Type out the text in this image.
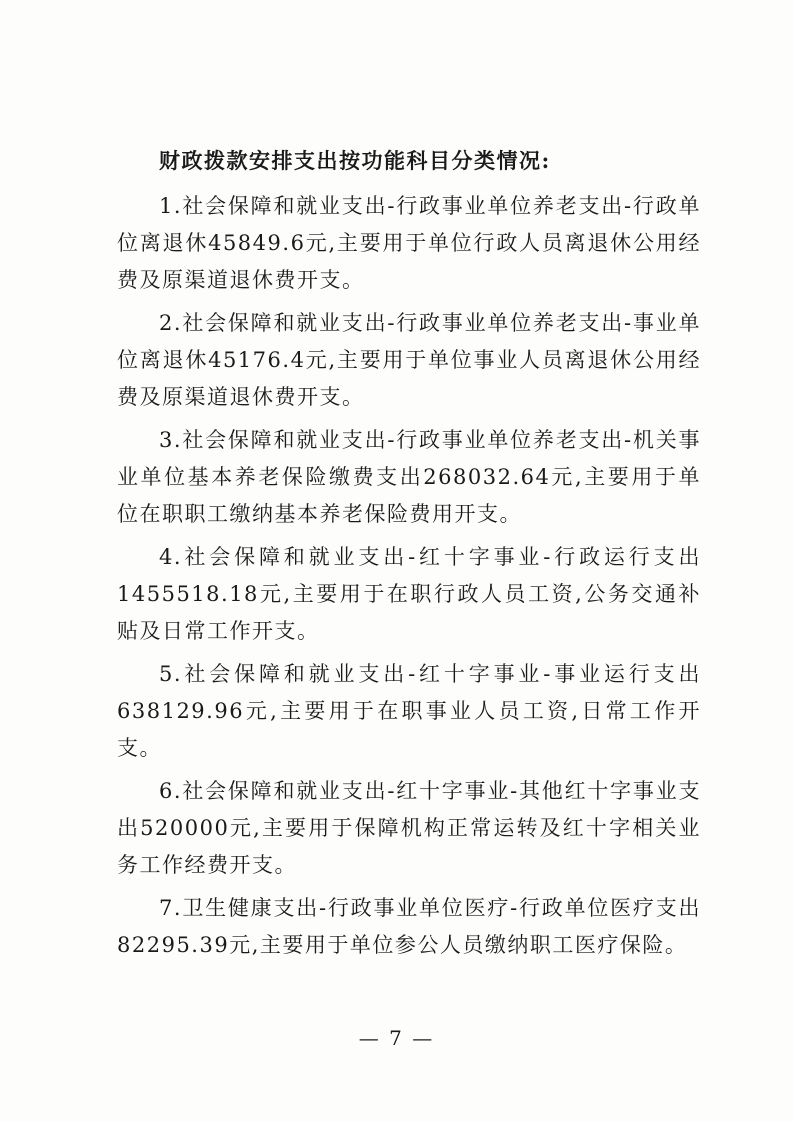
财政拨款安排支出按功能科目分类情况:

1.社会保障和就业支出-行政事业单位养老支出-行政单位离退休45849.6元,主要用于单位行政人员离退休公用经费及原渠道退休费开支。

2.社会保障和就业支出-行政事业单位养老支出-事业单位离退休45176.4元,主要用于单位事业人员离退休公用经费及原渠道退休费开支。

3.社会保障和就业支出-行政事业单位养老支出-机关事业单位基本养老保险缴费支出268032.64元,主要用于单位在职职工缴纳基本养老保险费用开支。

4.社会保障和就业支出-红十字事业-行政运行支出1455518.18元,主要用于在职行政人员工资,公务交通补贴及日常工作开支。

5.社会保障和就业支出-红十字事业-事业运行支出638129.96元,主要用于在职事业人员工资,日常工作开支。

6.社会保障和就业支出-红十字事业-其他红十字事业支出520000元,主要用于保障机构正常运转及红十字相关业务工作经费开支。

7.卫生健康支出-行政事业单位医疗-行政单位医疗支出82295.39元,主要用于单位参公人员缴纳职工医疗保险。

— 7 —
